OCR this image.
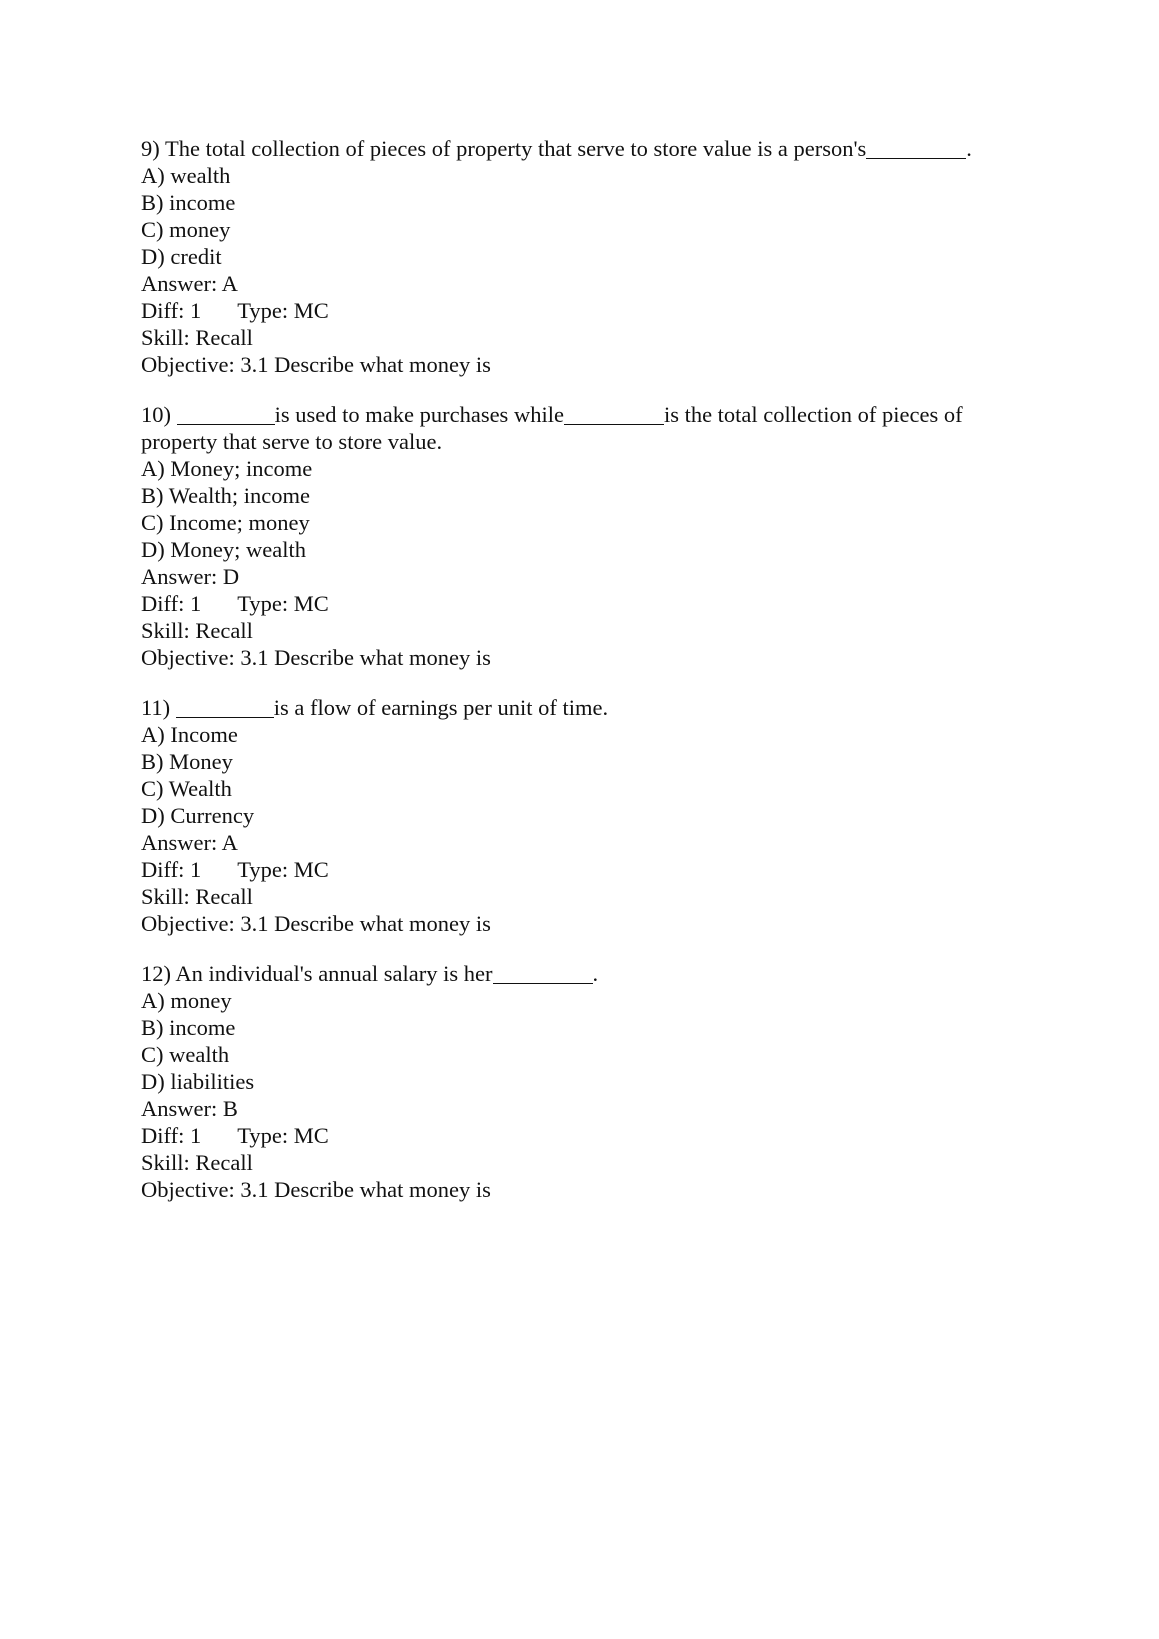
9) The total collection of pieces of property that serve to store value is a person's	.
A) wealth
B) income
C) money
D) credit
Answer: A
Diff: 1 Type: MC
Skill: Recall
Objective: 3.1 Describe what money is
10)	is used to make purchases while	is the total collection of pieces of property that serve to store value.
A) Money; income
B) Wealth; income
C) Income; money
D) Money; wealth
Answer: D
Diff: 1 Type: MC
Skill: Recall
Objective: 3.1 Describe what money is
11)	is a flow of earnings per unit of time.
A) Income
B) Money
C) Wealth
D) Currency
Answer: A
Diff: 1 Type: MC
Skill: Recall
Objective: 3.1 Describe what money is
12) An individual's annual salary is her	.
A) money
B) income
C) wealth
D) liabilities
Answer: B
Diff: 1 Type: MC
Skill: Recall
Objective: 3.1 Describe what money is
